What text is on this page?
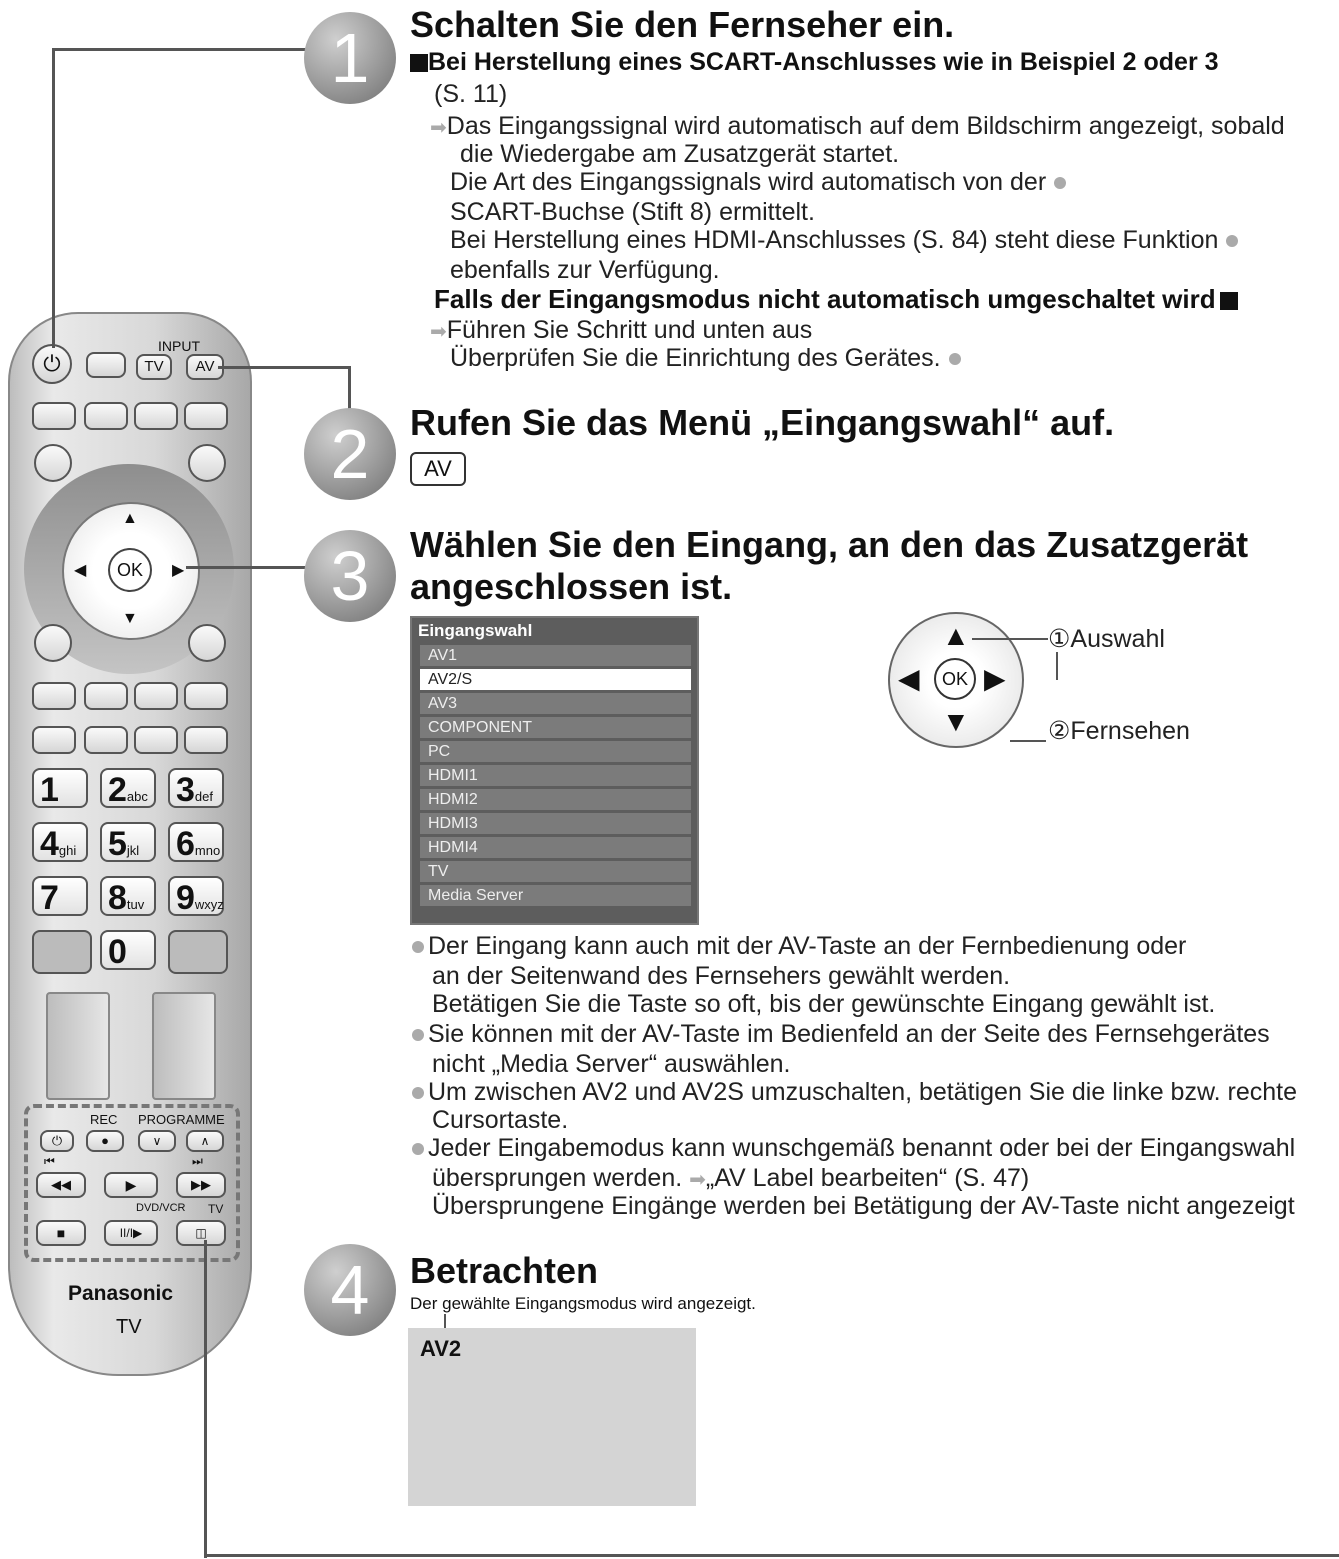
⏻
INPUT
TV	AV
▲
▼
◀	▶
OK
1	2abc 3def
4ghi 5jkl	6mno
7	8tuv 9wxyz
0
REC PROGRAMME
⏻	●	∨	∧
⏮	⏭
◀◀	▶	▶▶
DVD/VCR TV
■	II/I▶	◫
Panasonic
TV
1	Schalten Sie den Fernseher ein.
Bei Herstellung eines SCART-Anschlusses wie in Beispiel 2 oder 3
(S. 11)
➡Das Eingangssignal wird automatisch auf dem Bildschirm angezeigt, sobald
die Wiedergabe am Zusatzgerät startet.
Die Art des Eingangssignals wird automatisch von der
SCART-Buchse (Stift 8) ermittelt.
Bei Herstellung eines HDMI-Anschlusses (S. 84) steht diese Funktion
ebenfalls zur Verfügung.
Falls der Eingangsmodus nicht automatisch umgeschaltet wird
➡Führen Sie Schritt und unten aus
Überprüfen Sie die Einrichtung des Gerätes.
2	Rufen Sie das Menü „Eingangswahl“ auf.
AV
3	Wählen Sie den Eingang, an den das Zusatzgerät
angeschlossen ist.
Eingangswahl
AV1
AV2/S
AV3
COMPONENT
PC
HDMI1
HDMI2
HDMI3
HDMI4
TV
Media Server
▲
▼
◀ ▶
OK
①Auswahl
②Fernsehen
Der Eingang kann auch mit der AV-Taste an der Fernbedienung oder
an der Seitenwand des Fernsehers gewählt werden.
Betätigen Sie die Taste so oft, bis der gewünschte Eingang gewählt ist.
Sie können mit der AV-Taste im Bedienfeld an der Seite des Fernsehgerätes
nicht „Media Server“ auswählen.
Um zwischen AV2 und AV2S umzuschalten, betätigen Sie die linke bzw. rechte
Cursortaste.
Jeder Eingabemodus kann wunschgemäß benannt oder bei der Eingangswahl
übersprungen werden. ➡„AV Label bearbeiten“ (S. 47)
Übersprungene Eingänge werden bei Betätigung der AV-Taste nicht angezeigt
4	Betrachten
Der gewählte Eingangsmodus wird angezeigt.
AV2
